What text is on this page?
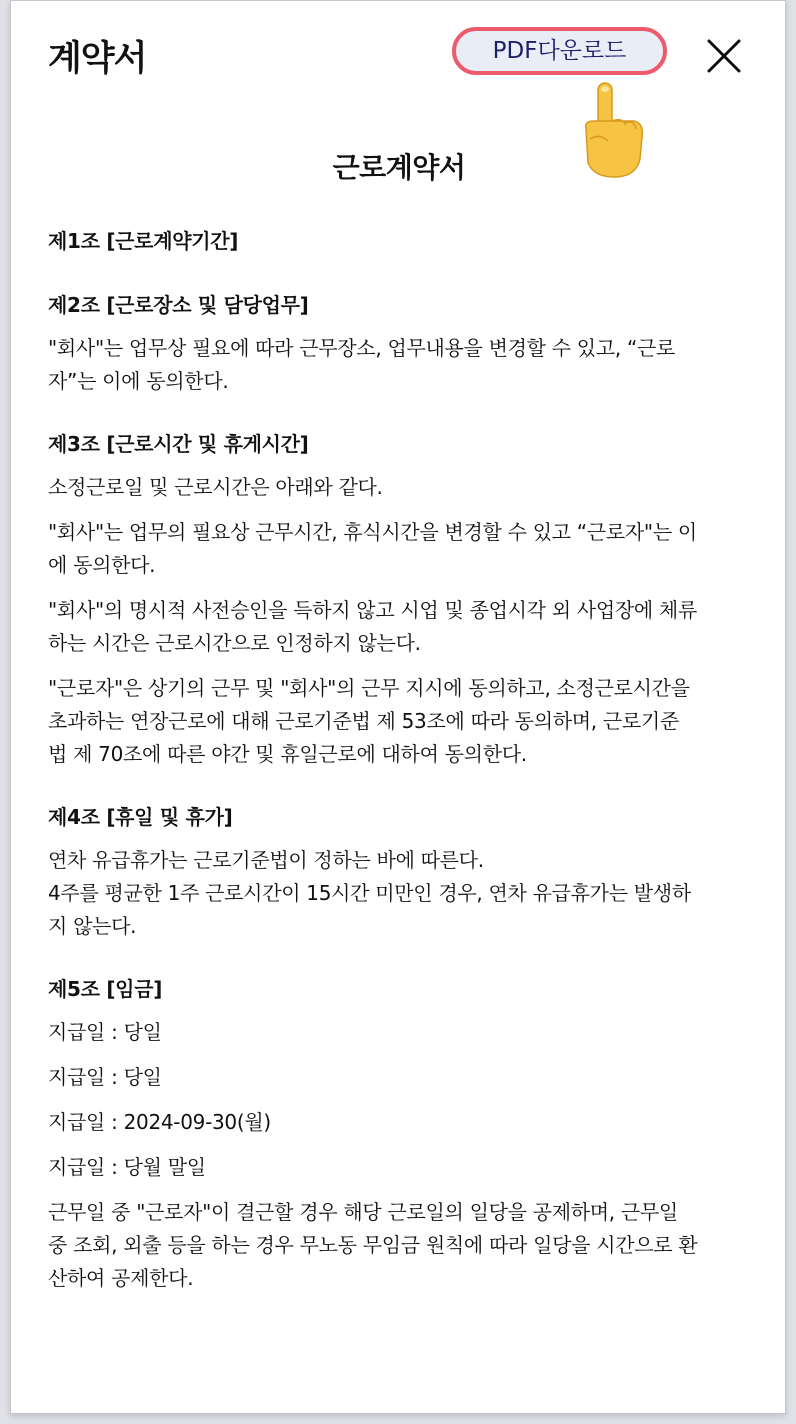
계약서	PDF다운로드
근로계약서
제1조 [근로계약기간]
제2조 [근로장소 및 담당업무]
"회사"는 업무상 필요에 따라 근무장소, 업무내용을 변경할 수 있고, “근로
자”는 이에 동의한다.
제3조 [근로시간 및 휴게시간]
소정근로일 및 근로시간은 아래와 같다.
"회사"는 업무의 필요상 근무시간, 휴식시간을 변경할 수 있고 “근로자"는 이
에 동의한다.
"회사"의 명시적 사전승인을 득하지 않고 시업 및 종업시각 외 사업장에 체류
하는 시간은 근로시간으로 인정하지 않는다.
"근로자"은 상기의 근무 및 "회사"의 근무 지시에 동의하고, 소정근로시간을
초과하는 연장근로에 대해 근로기준법 제 53조에 따라 동의하며, 근로기준
법 제 70조에 따른 야간 및 휴일근로에 대하여 동의한다.
제4조 [휴일 및 휴가]
연차 유급휴가는 근로기준법이 정하는 바에 따른다.
4주를 평균한 1주 근로시간이 15시간 미만인 경우, 연차 유급휴가는 발생하
지 않는다.
제5조 [임금]
지급일 : 당일
지급일 : 당일
지급일 : 2024-09-30(월)
지급일 : 당월 말일
근무일 중 "근로자"이 결근할 경우 해당 근로일의 일당을 공제하며, 근무일
중 조회, 외출 등을 하는 경우 무노동 무임금 원칙에 따라 일당을 시간으로 환
산하여 공제한다.
